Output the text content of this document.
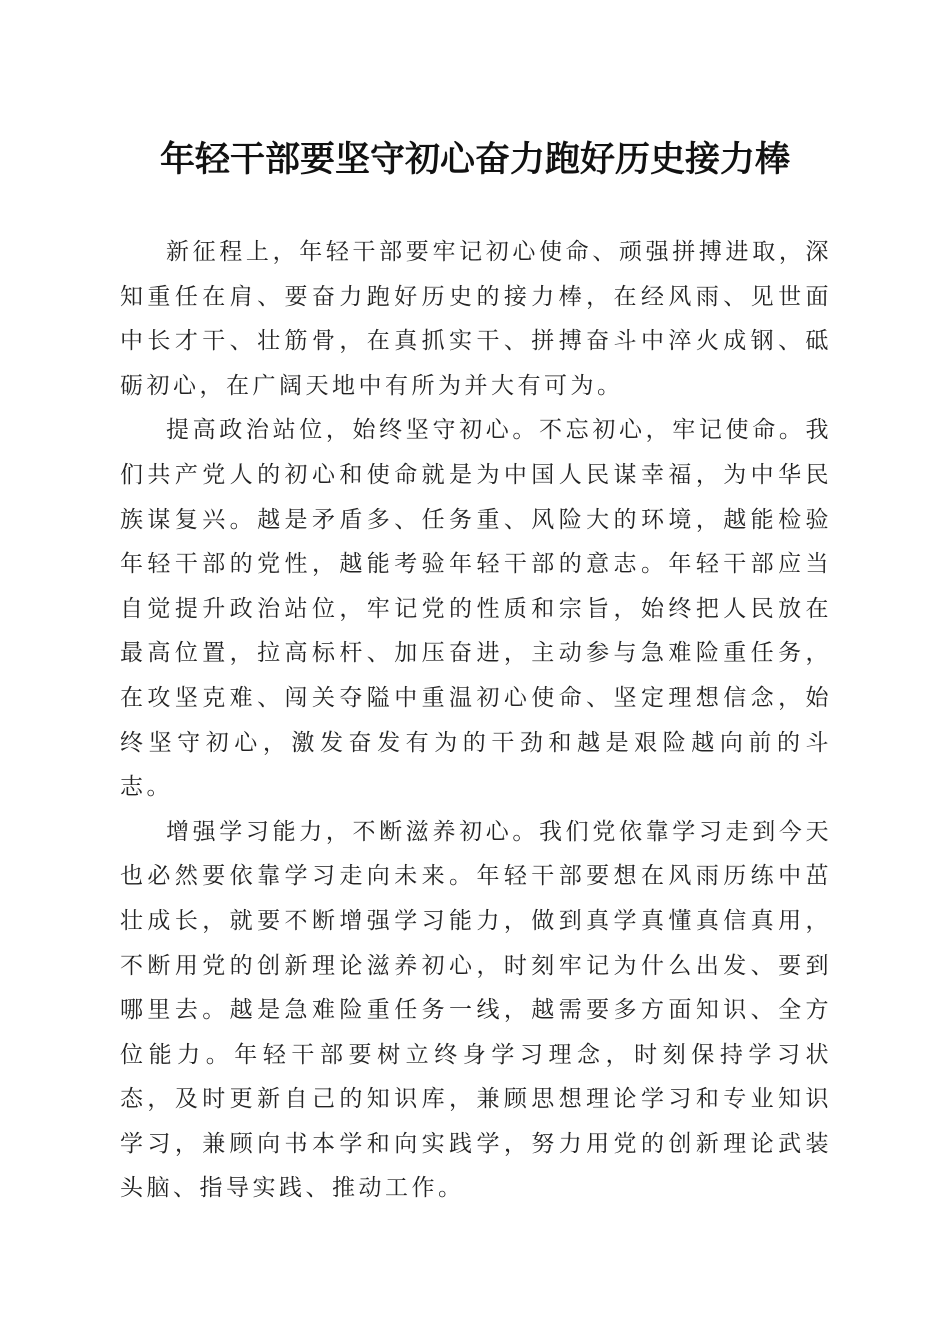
年轻干部要坚守初心奋力跑好历史接力棒

新征程上，年轻干部要牢记初心使命、顽强拼搏进取，深知重任在肩、要奋力跑好历史的接力棒，在经风雨、见世面中长才干、壮筋骨，在真抓实干、拼搏奋斗中淬火成钢、砥砺初心，在广阔天地中有所为并大有可为。

提高政治站位，始终坚守初心。不忘初心，牢记使命。我们共产党人的初心和使命就是为中国人民谋幸福，为中华民族谋复兴。越是矛盾多、任务重、风险大的环境，越能检验年轻干部的党性，越能考验年轻干部的意志。年轻干部应当自觉提升政治站位，牢记党的性质和宗旨，始终把人民放在最高位置，拉高标杆、加压奋进，主动参与急难险重任务，在攻坚克难、闯关夺隘中重温初心使命、坚定理想信念，始终坚守初心，激发奋发有为的干劲和越是艰险越向前的斗志。

增强学习能力，不断滋养初心。我们党依靠学习走到今天也必然要依靠学习走向未来。年轻干部要想在风雨历练中茁壮成长，就要不断增强学习能力，做到真学真懂真信真用，不断用党的创新理论滋养初心，时刻牢记为什么出发、要到哪里去。越是急难险重任务一线，越需要多方面知识、全方位能力。年轻干部要树立终身学习理念，时刻保持学习状态，及时更新自己的知识库，兼顾思想理论学习和专业知识学习，兼顾向书本学和向实践学，努力用党的创新理论武装头脑、指导实践、推动工作。
